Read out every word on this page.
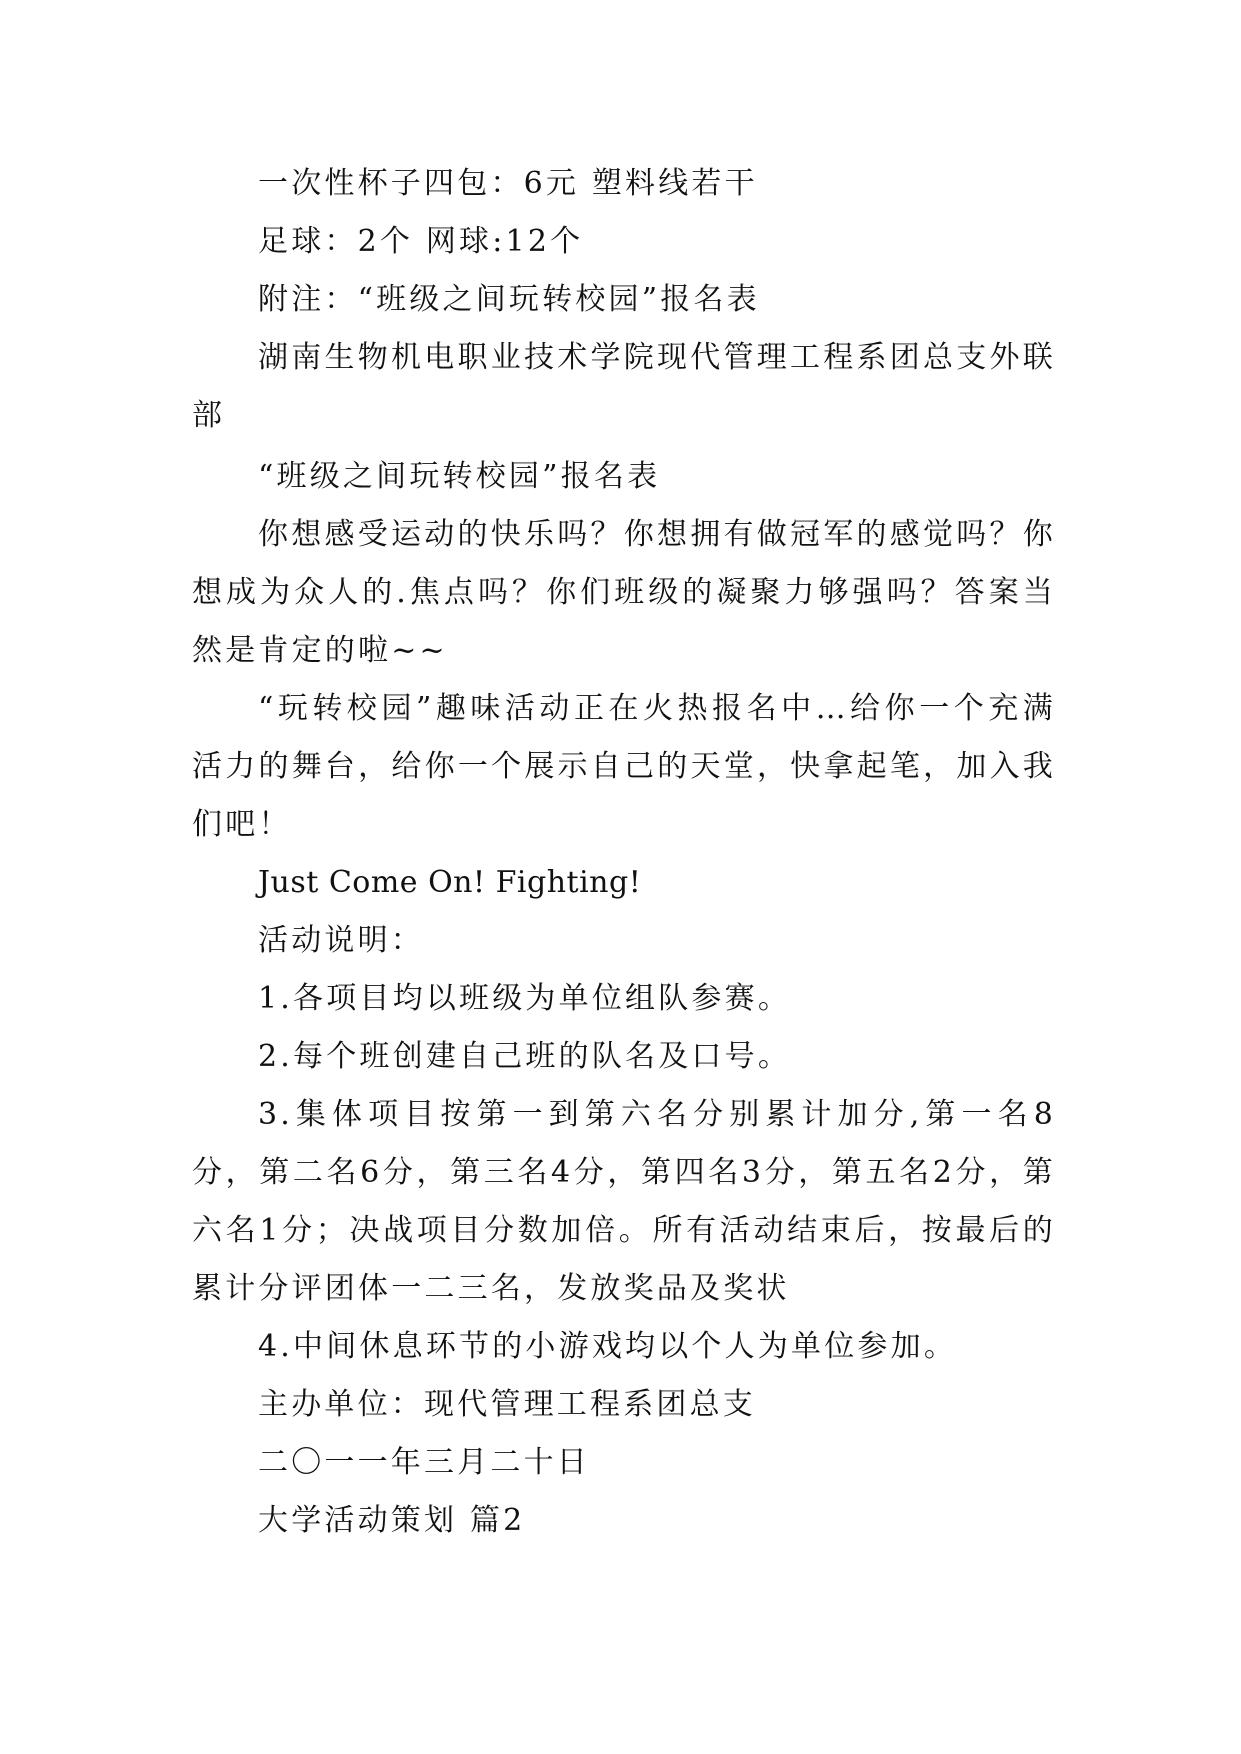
一次性杯子四包：6元 塑料线若干

足球：2个 网球:12个

附注：“班级之间玩转校园”报名表

湖南生物机电职业技术学院现代管理工程系团总支外联部

“班级之间玩转校园”报名表

你想感受运动的快乐吗？你想拥有做冠军的感觉吗？你想成为众人的.焦点吗？你们班级的凝聚力够强吗？答案当然是肯定的啦~~

“玩转校园”趣味活动正在火热报名中…给你一个充满活力的舞台，给你一个展示自己的天堂，快拿起笔，加入我们吧！

Just Come On! Fighting!

活动说明：

1.各项目均以班级为单位组队参赛。

2.每个班创建自己班的队名及口号。

3.集体项目按第一到第六名分别累计加分,第一名8分，第二名6分，第三名4分，第四名3分，第五名2分，第六名1分；决战项目分数加倍。所有活动结束后，按最后的累计分评团体一二三名，发放奖品及奖状

4.中间休息环节的小游戏均以个人为单位参加。

主办单位：现代管理工程系团总支

二〇一一年三月二十日

大学活动策划 篇2
